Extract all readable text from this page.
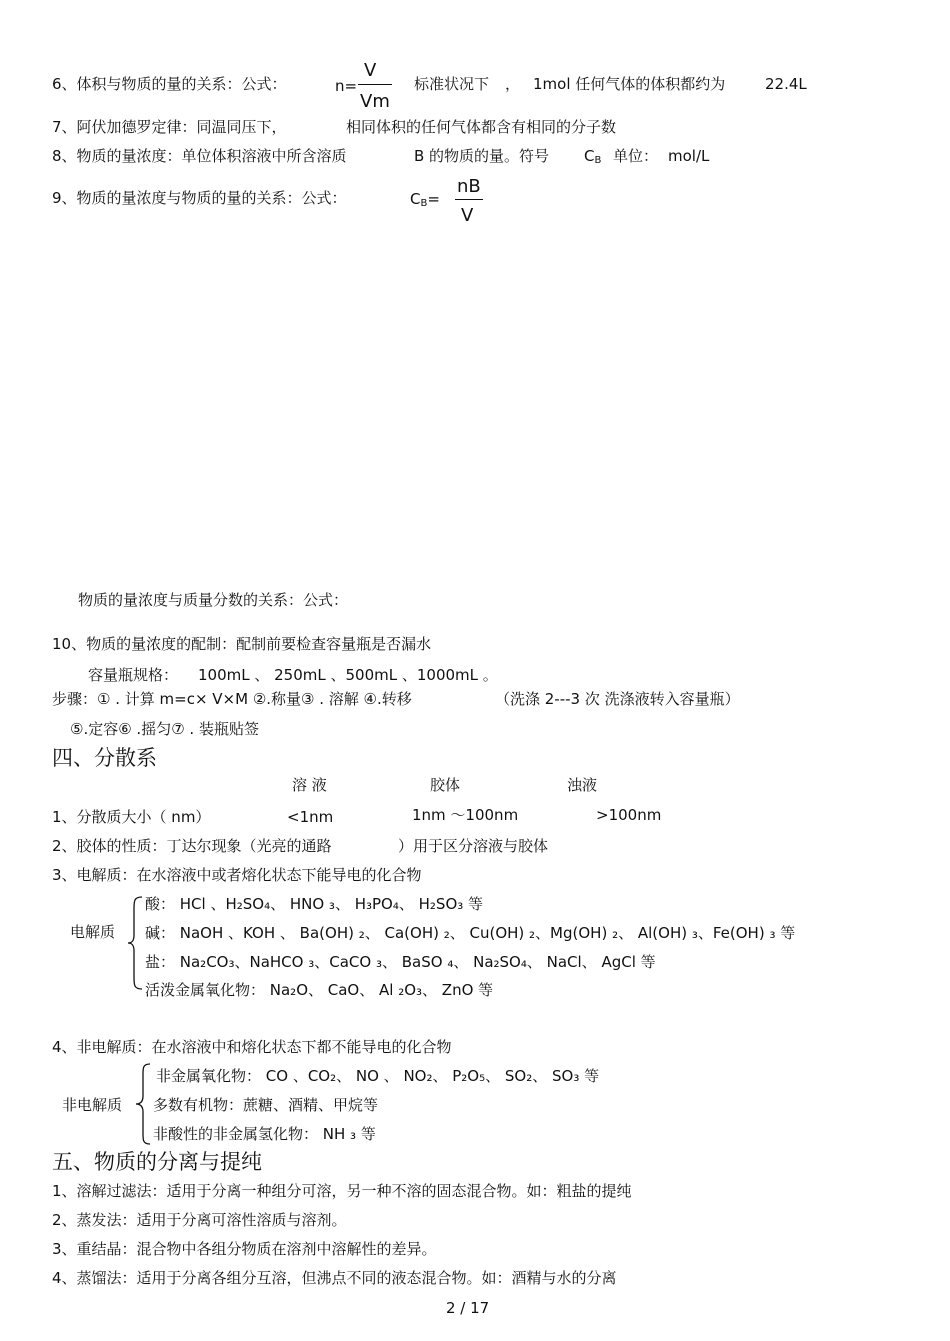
6、体积与物质的量的关系：公式：	n=
V
Vm
标准状况下 ， 1mol 任何气体的体积都约为	22.4L
7、阿伏加德罗定律：同温同压下，	相同体积的任何气体都含有相同的分子数
8、物质的量浓度：单位体积溶液中所含溶质	B 的物质的量。符号 $C_B$ 单位： mol/L
9、物质的量浓度与物质的量的关系：公式：	$C_B=$
nB
V
物质的量浓度与质量分数的关系：公式：
10、物质的量浓度的配制：配制前要检查容量瓶是否漏水
容量瓶规格： 100mL 、 250mL 、500mL 、1000mL 。
步骤：① . 计算 m=c× V×M ②.称量③ . 溶解 ④.转移	（洗涤 2---3 次 洗涤液转入容量瓶）
⑤.定容⑥ .摇匀⑦ . 装瓶贴签
四、分散系
溶 液	胶体	浊液
1、分散质大小（ nm）	<1nm	1nm ～100nm	>100nm
2、胶体的性质：丁达尔现象（光亮的通路	）用于区分溶液与胶体
3、电解质：在水溶液中或者熔化状态下能导电的化合物
电解质
酸： HCl 、H₂SO₄、 HNO ₃、 H₃PO₄、 H₂SO₃ 等
碱： NaOH 、KOH 、 Ba(OH) ₂、 Ca(OH) ₂、 Cu(OH) ₂、Mg(OH) ₂、 Al(OH) ₃、Fe(OH) ₃ 等
盐： Na₂CO₃、NaHCO ₃、CaCO ₃、 BaSO ₄、 Na₂SO₄、 NaCl、 AgCl 等
活泼金属氧化物： Na₂O、 CaO、 Al ₂O₃、 ZnO 等
4、非电解质：在水溶液中和熔化状态下都不能导电的化合物
非电解质
非金属氧化物： CO 、CO₂、 NO 、 NO₂、 P₂O₅、 SO₂、 SO₃ 等
多数有机物：蔗糖、酒精、甲烷等
非酸性的非金属氢化物： NH ₃ 等
五、物质的分离与提纯
1、溶解过滤法：适用于分离一种组分可溶，另一种不溶的固态混合物。如：粗盐的提纯
2、蒸发法：适用于分离可溶性溶质与溶剂。
3、重结晶：混合物中各组分物质在溶剂中溶解性的差异。
4、蒸馏法：适用于分离各组分互溶，但沸点不同的液态混合物。如：酒精与水的分离
2 / 17
